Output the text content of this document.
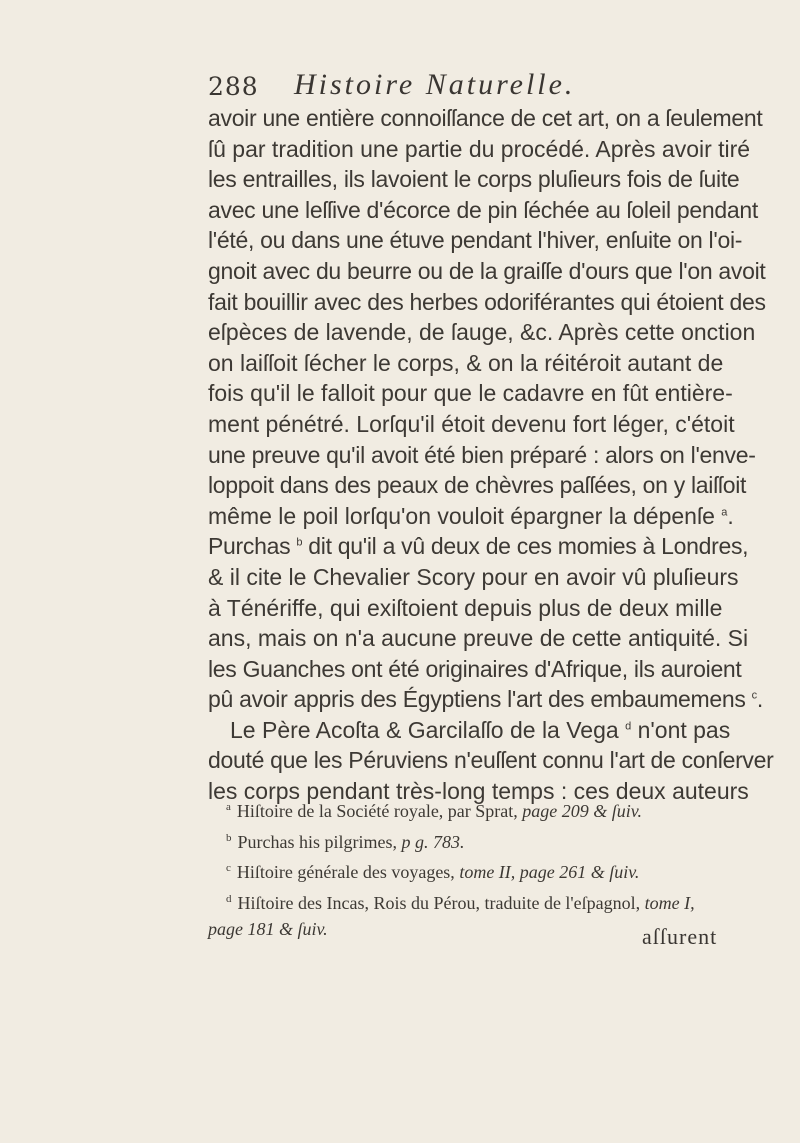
288 Histoire Naturelle.
avoir une entière connoiſſance de cet art, on a ſeulement
ſû par tradition une partie du procédé. Après avoir tiré
les entrailles, ils lavoient le corps pluſieurs fois de ſuite
avec une leſſive d'écorce de pin ſéchée au ſoleil pendant
l'été, ou dans une étuve pendant l'hiver, enſuite on l'oi-
gnoit avec du beurre ou de la graiſſe d'ours que l'on avoit
fait bouillir avec des herbes odoriférantes qui étoient des
eſpèces de lavende, de ſauge, &c. Après cette onction
on laiſſoit ſécher le corps, & on la réitéroit autant de
fois qu'il le falloit pour que le cadavre en fût entière-
ment pénétré. Lorſqu'il étoit devenu fort léger, c'étoit
une preuve qu'il avoit été bien préparé : alors on l'enve-
loppoit dans des peaux de chèvres paſſées, on y laiſſoit
même le poil lorſqu'on vouloit épargner la dépenſe $^a$.
Purchas $^b$ dit qu'il a vû deux de ces momies à Londres,
& il cite le Chevalier Scory pour en avoir vû pluſieurs
à Ténériffe, qui exiſtoient depuis plus de deux mille
ans, mais on n'a aucune preuve de cette antiquité. Si
les Guanches ont été originaires d'Afrique, ils auroient
pû avoir appris des Égyptiens l'art des embaumemens $^c$.
Le Père Acoſta & Garcilaſſo de la Vega $^d$ n'ont pas
douté que les Péruviens n'euſſent connu l'art de conſerver
les corps pendant très-long temps : ces deux auteurs
$^a$ Hiſtoire de la Société royale, par Sprat, page 209 & ſuiv.
$^b$ Purchas his pilgrimes, p g. 783.
$^c$ Hiſtoire générale des voyages, tome II, page 261 & ſuiv.
$^d$ Hiſtoire des Incas, Rois du Pérou, traduite de l'eſpagnol, tome I,
page 181 & ſuiv.	aſſurent
